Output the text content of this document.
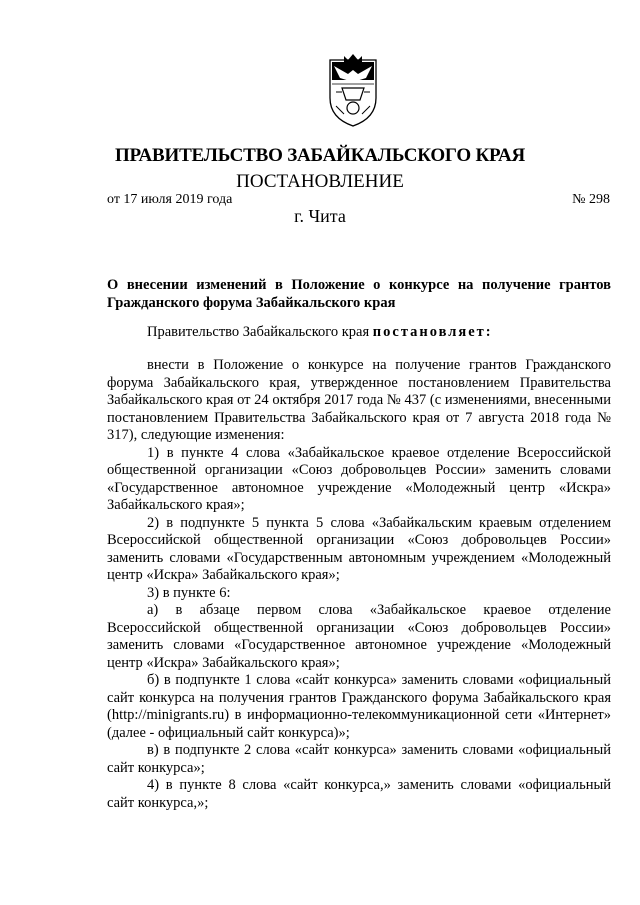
ПРАВИТЕЛЬСТВО ЗАБАЙКАЛЬСКОГО КРАЯ
ПОСТАНОВЛЕНИЕ
от 17 июля 2019 года	№ 298
г. Чита
О внесении изменений в Положение о конкурсе на получение грантов Гражданского форума Забайкальского края
Правительство Забайкальского края постановляет:

внести в Положение о конкурсе на получение грантов Гражданского форума Забайкальского края, утвержденное постановлением Правительства Забайкальского края от 24 октября 2017 года № 437 (с изменениями, внесенными постановлением Правительства Забайкальского края от 7 августа 2018 года № 317), следующие изменения:

1) в пункте 4 слова «Забайкальское краевое отделение Всероссийской общественной организации «Союз добровольцев России» заменить словами «Государственное автономное учреждение «Молодежный центр «Искра» Забайкальского края»;

2) в подпункте 5 пункта 5 слова «Забайкальским краевым отделением Всероссийской общественной организации «Союз добровольцев России» заменить словами «Государственным автономным учреждением «Молодежный центр «Искра» Забайкальского края»;

3) в пункте 6:

а) в абзаце первом слова «Забайкальское краевое отделение Всероссийской общественной организации «Союз добровольцев России» заменить словами «Государственное автономное учреждение «Молодежный центр «Искра» Забайкальского края»;

б) в подпункте 1 слова «сайт конкурса» заменить словами «официальный сайт конкурса на получения грантов Гражданского форума Забайкальского края (http://minigrants.ru) в информационно-телекоммуникационной сети «Интернет» (далее - официальный сайт конкурса)»;

в) в подпункте 2 слова «сайт конкурса» заменить словами «официальный сайт конкурса»;

4) в пункте 8 слова «сайт конкурса,» заменить словами «официальный сайт конкурса,»;
